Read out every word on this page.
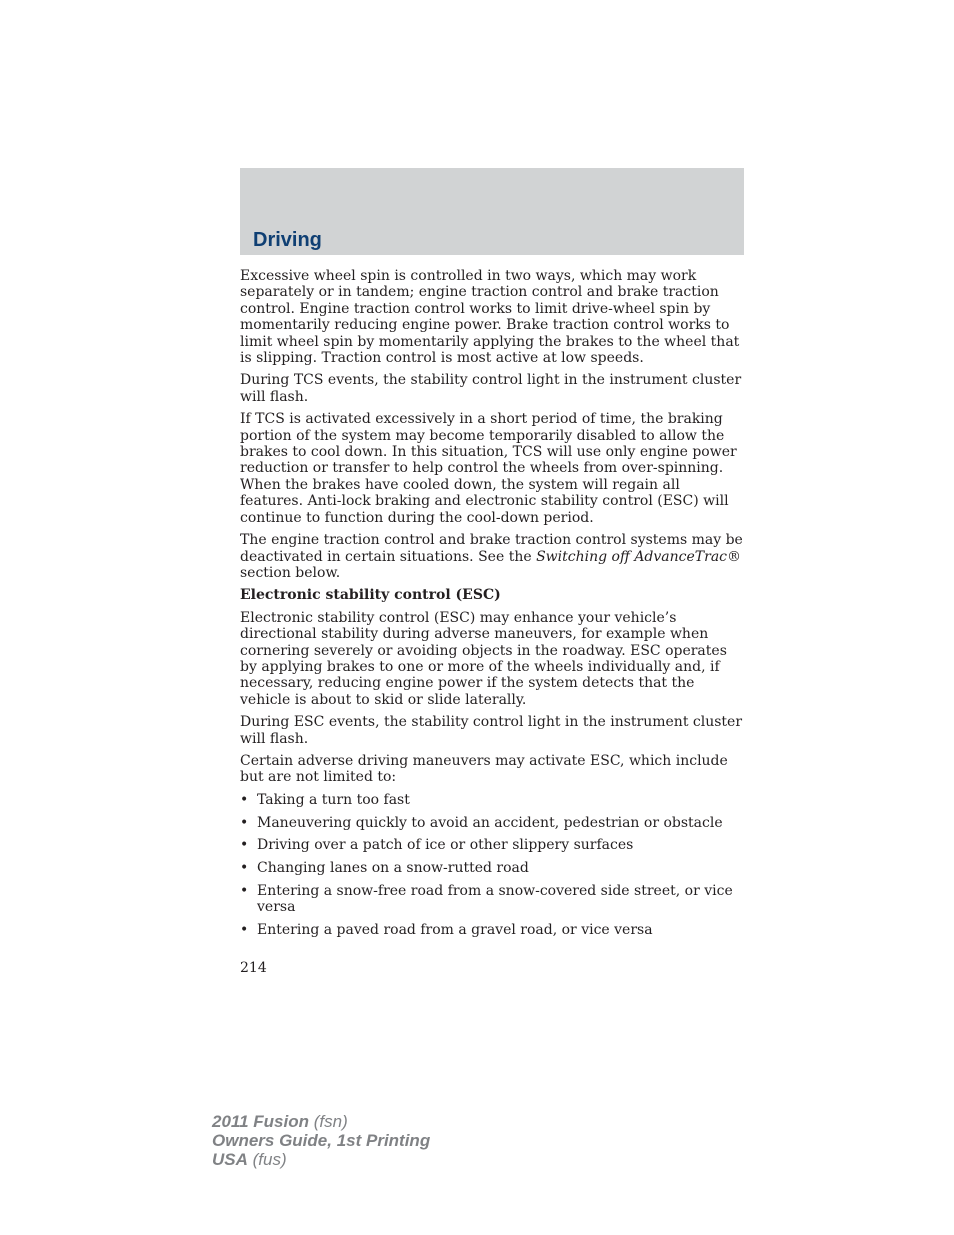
Driving

Excessive wheel spin is controlled in two ways, which may work separately or in tandem; engine traction control and brake traction control. Engine traction control works to limit drive-wheel spin by momentarily reducing engine power. Brake traction control works to limit wheel spin by momentarily applying the brakes to the wheel that is slipping. Traction control is most active at low speeds.

During TCS events, the stability control light in the instrument cluster will flash.

If TCS is activated excessively in a short period of time, the braking portion of the system may become temporarily disabled to allow the brakes to cool down. In this situation, TCS will use only engine power reduction or transfer to help control the wheels from over-spinning. When the brakes have cooled down, the system will regain all features. Anti-lock braking and electronic stability control (ESC) will continue to function during the cool-down period.

The engine traction control and brake traction control systems may be deactivated in certain situations. See the Switching off AdvanceTrac® section below.

Electronic stability control (ESC)

Electronic stability control (ESC) may enhance your vehicle’s directional stability during adverse maneuvers, for example when cornering severely or avoiding objects in the roadway. ESC operates by applying brakes to one or more of the wheels individually and, if necessary, reducing engine power if the system detects that the vehicle is about to skid or slide laterally.

During ESC events, the stability control light in the instrument cluster will flash.

Certain adverse driving maneuvers may activate ESC, which include but are not limited to:

• Taking a turn too fast
• Maneuvering quickly to avoid an accident, pedestrian or obstacle
• Driving over a patch of ice or other slippery surfaces
• Changing lanes on a snow-rutted road
• Entering a snow-free road from a snow-covered side street, or vice versa
• Entering a paved road from a gravel road, or vice versa
214
2011 Fusion (fsn)
Owners Guide, 1st Printing
USA (fus)
